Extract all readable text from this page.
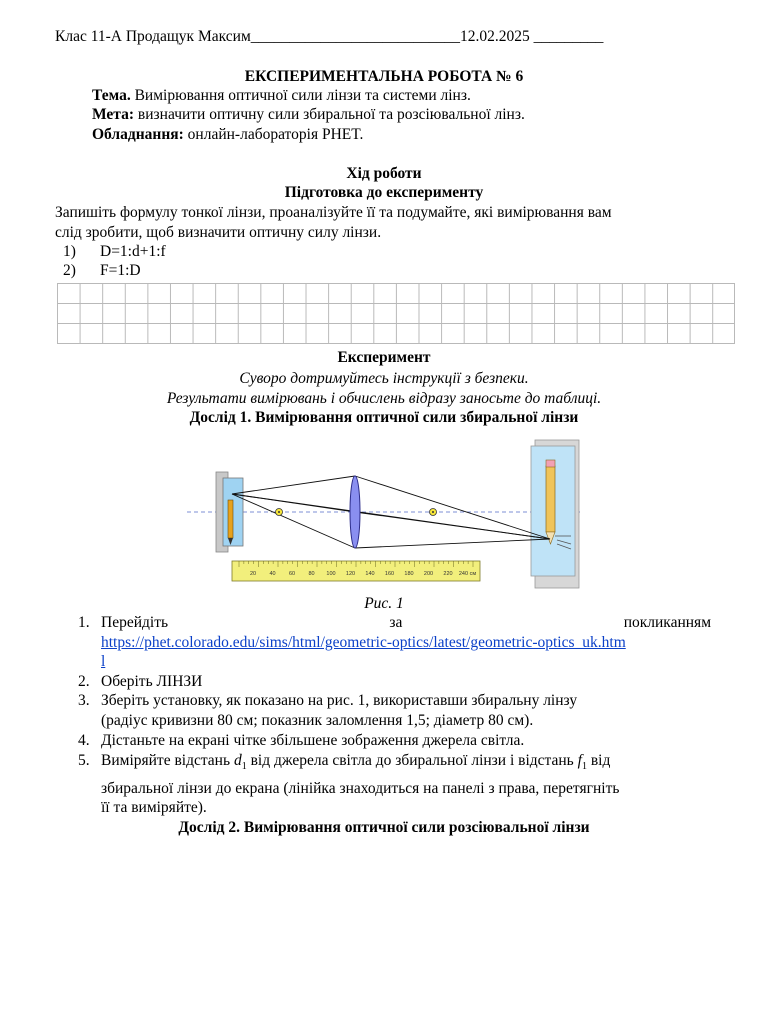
Клас 11-А Продащук Максим___________________________12.02.2025 _________
ЕКСПЕРИМЕНТАЛЬНА РОБОТА № 6
Тема. Вимірювання оптичної сили лінзи та системи лінз.
Мета: визначити оптичну сили збиральної та розсіювальної лінз.
Обладнання: онлайн-лабораторія PHET.
Хід роботи
Підготовка до експерименту
Запишіть формулу тонкої лінзи, проаналізуйте її та подумайте, які вимірювання вам
слід зробити, щоб визначити оптичну силу лінзи.
1) D=1:d+1:f
2) F=1:D
Експеримент
Суворо дотримуйтесь інструкції з безпеки.
Результати вимірювань і обчислень відразу заносьте до таблиці.
Дослід 1. Вимірювання оптичної сили збиральної лінзи
20 40 60 80 100 120 140 160 180 200 220 240 см
Рис. 1
1. Перейдіть	за	покликанням
https://phet.colorado.edu/sims/html/geometric-optics/latest/geometric-optics_uk.htm
l
2. Оберіть ЛІНЗИ
3. Зберіть установку, як показано на рис. 1, використавши збиральну лінзу
(радіус кривизни 80 см; показник заломлення 1,5; діаметр 80 см).
4. Дістаньте на екрані чітке збільшене зображення джерела світла.
5. Виміряйте відстань $d_1$ від джерела світла до збиральної лінзи і відстань $f_1$ від
збиральної лінзи до екрана (лінійка знаходиться на панелі з права, перетягніть
її та виміряйте).
Дослід 2. Вимірювання оптичної сили розсіювальної лінзи
